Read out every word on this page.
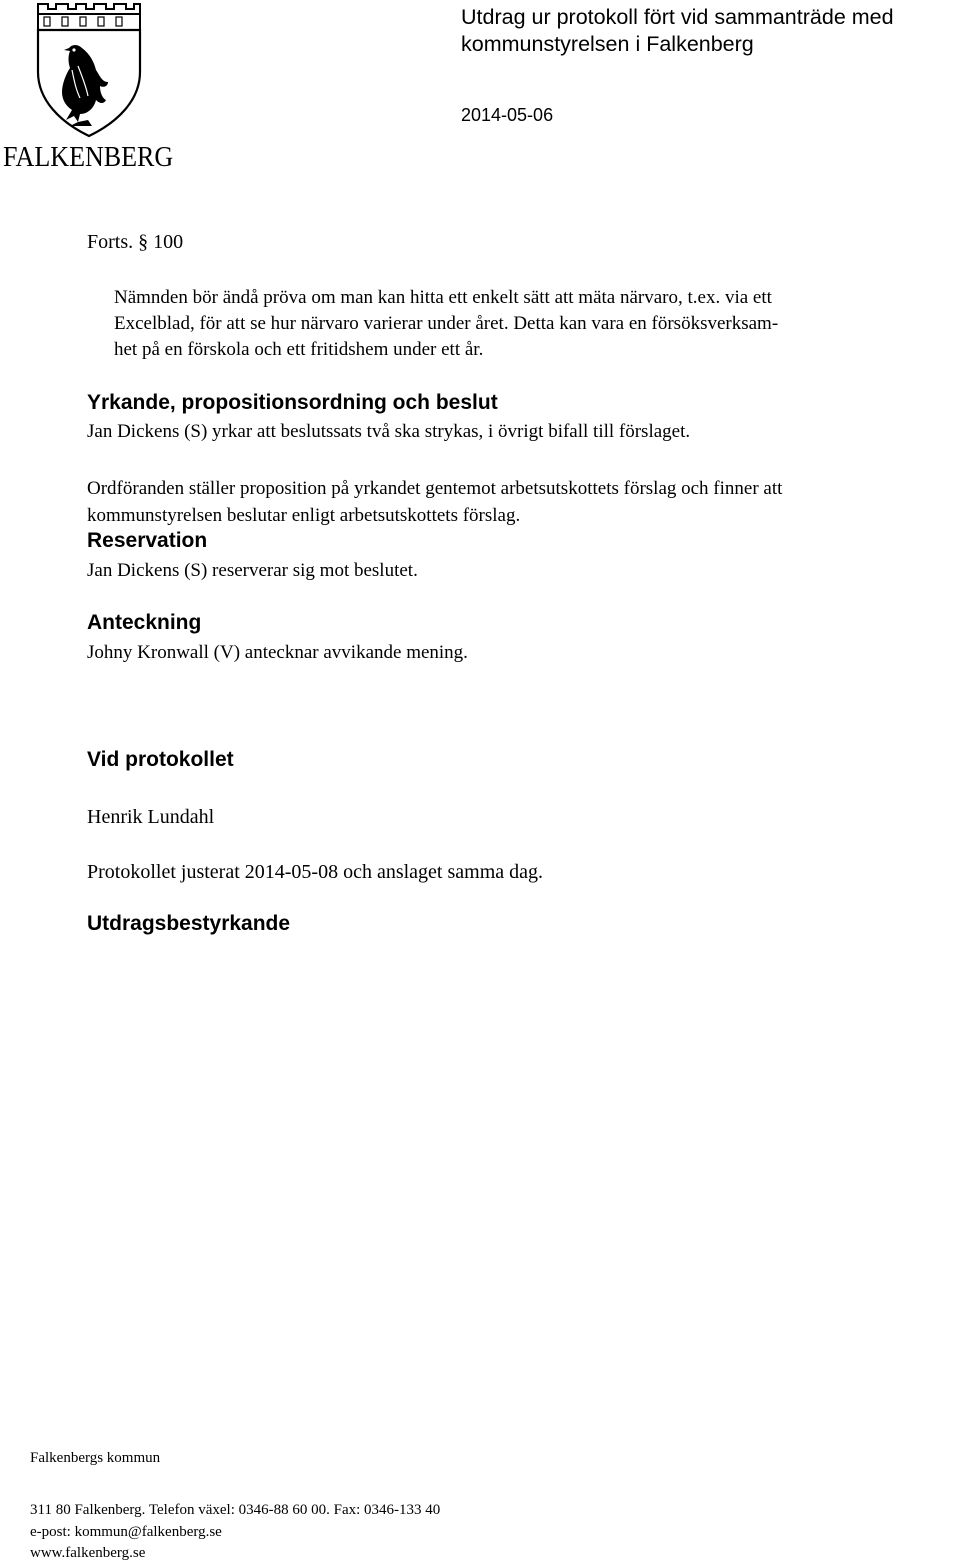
FALKENBERG
Utdrag ur protokoll fört vid sammanträde med
kommunstyrelsen i Falkenberg
2014-05-06
Forts. § 100
Nämnden bör ändå pröva om man kan hitta ett enkelt sätt att mäta närvaro, t.ex. via ett
Excelblad, för att se hur närvaro varierar under året. Detta kan vara en försöksverksam-
het på en förskola och ett fritidshem under ett år.
Yrkande, propositionsordning och beslut
Jan Dickens (S) yrkar att beslutssats två ska strykas, i övrigt bifall till förslaget.
Ordföranden ställer proposition på yrkandet gentemot arbetsutskottets förslag och finner att
kommunstyrelsen beslutar enligt arbetsutskottets förslag.
Reservation
Jan Dickens (S) reserverar sig mot beslutet.
Anteckning
Johny Kronwall (V) antecknar avvikande mening.
Vid protokollet
Henrik Lundahl
Protokollet justerat 2014-05-08 och anslaget samma dag.
Utdragsbestyrkande
Falkenbergs kommun
311 80 Falkenberg. Telefon växel: 0346-88 60 00. Fax: 0346-133 40
e-post: kommun@falkenberg.se
www.falkenberg.se
